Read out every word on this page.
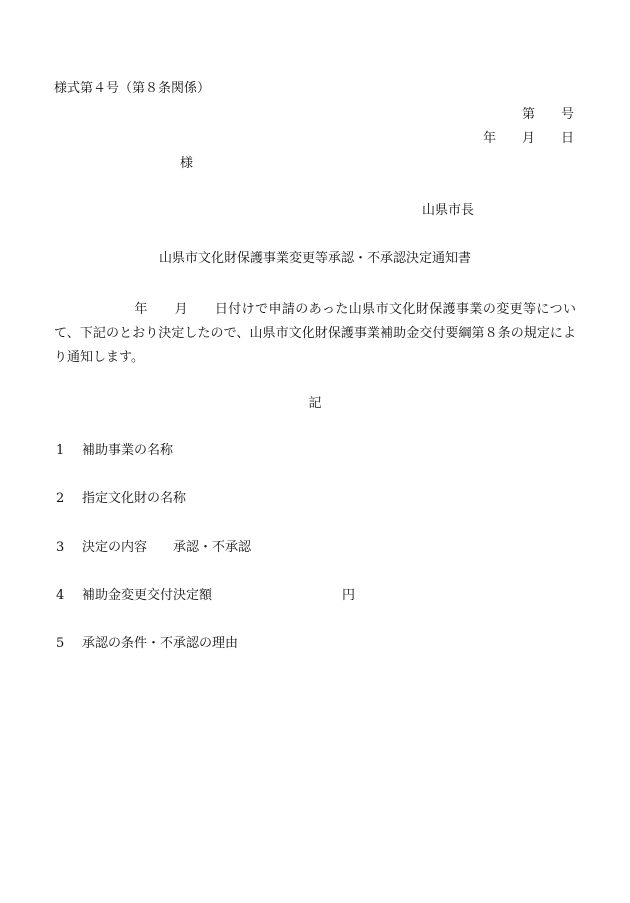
様式第４号（第８条関係）
第　　号
年　　月　　日
様
山県市長
山県市文化財保護事業変更等承認・不承認決定通知書
　　　　　　年　　月　　日付けで申請のあった山県市文化財保護事業の変更等について、下記のとおり決定したので、山県市文化財保護事業補助金交付要綱第８条の規定により通知します。
記
1 補助事業の名称
2 指定文化財の名称
3 決定の内容　　承認・不承認
4 補助金変更交付決定額　　　　　　　　　　円
5 承認の条件・不承認の理由
